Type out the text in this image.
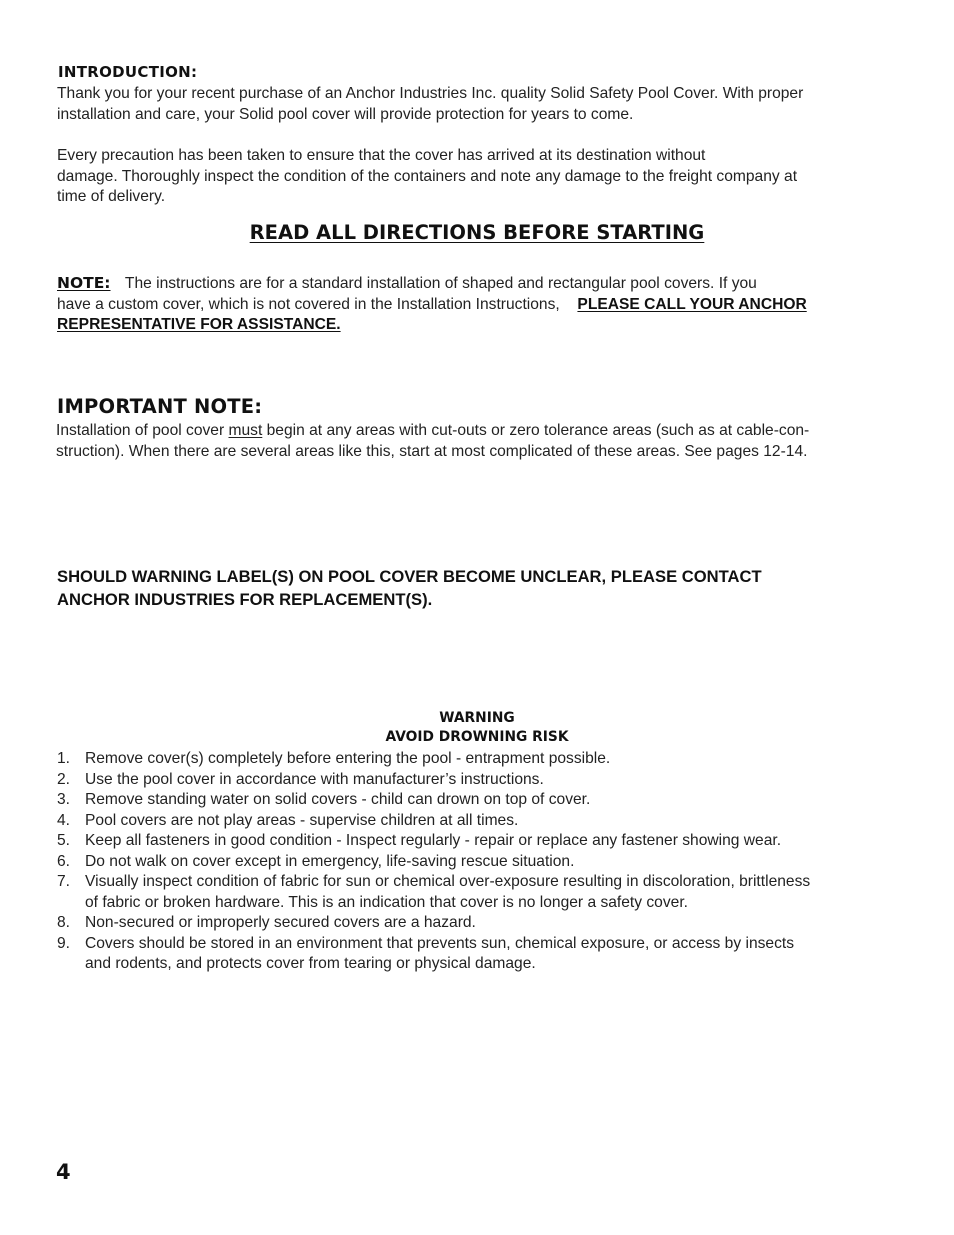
INTRODUCTION:
Thank you for your recent purchase of an Anchor Industries Inc. quality Solid Safety Pool Cover. With proper
installation and care, your Solid pool cover will provide protection for years to come.
Every precaution has been taken to ensure that the cover has arrived at its destination without
damage. Thoroughly inspect the condition of the containers and note any damage to the freight company at
time of delivery.
READ ALL DIRECTIONS BEFORE STARTING
NOTE: The instructions are for a standard installation of shaped and rectangular pool covers. If you
have a custom cover, which is not covered in the Installation Instructions, PLEASE CALL YOUR ANCHOR
REPRESENTATIVE FOR ASSISTANCE.
IMPORTANT NOTE:
Installation of pool cover must begin at any areas with cut-outs or zero tolerance areas (such as at cable-con-
struction). When there are several areas like this, start at most complicated of these areas. See pages 12-14.
SHOULD WARNING LABEL(S) ON POOL COVER BECOME UNCLEAR, PLEASE CONTACT
ANCHOR INDUSTRIES FOR REPLACEMENT(S).
WARNING
AVOID DROWNING RISK
1. Remove cover(s) completely before entering the pool - entrapment possible.
2. Use the pool cover in accordance with manufacturer’s instructions.
3. Remove standing water on solid covers - child can drown on top of cover.
4. Pool covers are not play areas - supervise children at all times.
5. Keep all fasteners in good condition - Inspect regularly - repair or replace any fastener showing wear.
6. Do not walk on cover except in emergency, life-saving rescue situation.
7. Visually inspect condition of fabric for sun or chemical over-exposure resulting in discoloration, brittleness
of fabric or broken hardware. This is an indication that cover is no longer a safety cover.
8. Non-secured or improperly secured covers are a hazard.
9. Covers should be stored in an environment that prevents sun, chemical exposure, or access by insects
and rodents, and protects cover from tearing or physical damage.
4
